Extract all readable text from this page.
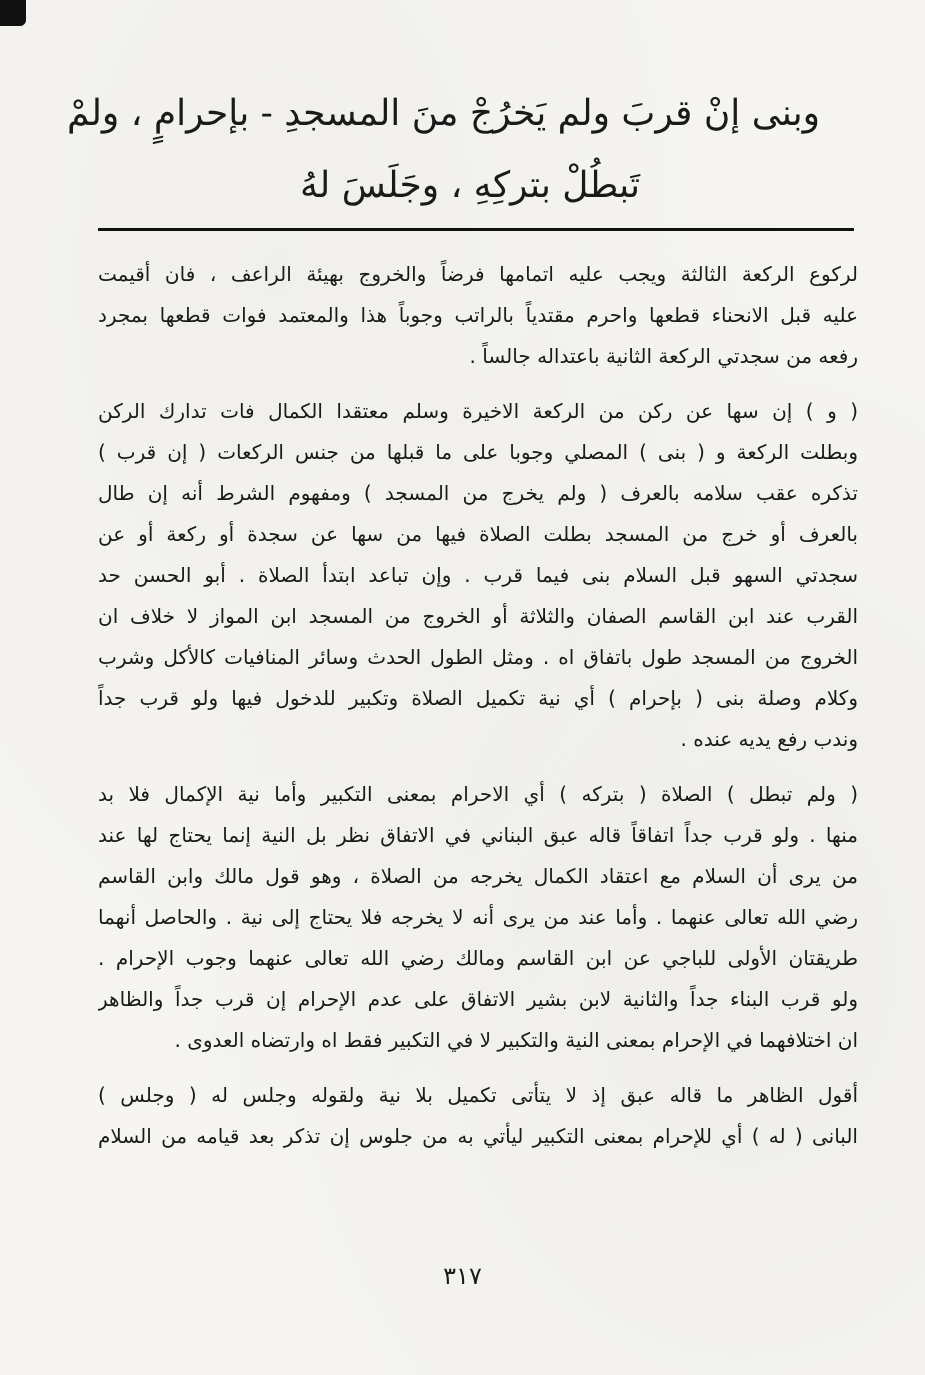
وبنى إنْ قربَ ولم يَخرُجْ منَ المسجدِ - بإحرامٍ ، ولمْ
تَبطُلْ بتركِهِ ، وجَلَسَ لهُ
لركوع الركعة الثالثة ويجب عليه اتمامها فرضاً والخروج بهيئة الراعف ، فان أقيمت
عليه قبل الانحناء قطعها واحرم مقتدياً بالراتب وجوباً هذا والمعتمد فوات قطعها بمجرد
رفعه من سجدتي الركعة الثانية باعتداله جالساً .
( و ) إن سها عن ركن من الركعة الاخيرة وسلم معتقدا الكمال فات تدارك الركن
وبطلت الركعة و ( بنى ) المصلي وجوبا على ما قبلها من جنس الركعات ( إن قرب )
تذكره عقب سلامه بالعرف ( ولم يخرج من المسجد ) ومفهوم الشرط أنه إن طال
بالعرف أو خرج من المسجد بطلت الصلاة فيها من سها عن سجدة أو ركعة أو عن
سجدتي السهو قبل السلام بنى فيما قرب . وإن تباعد ابتدأ الصلاة . أبو الحسن حد
القرب عند ابن القاسم الصفان والثلاثة أو الخروج من المسجد ابن المواز لا خلاف ان
الخروج من المسجد طول باتفاق اه . ومثل الطول الحدث وسائر المنافيات كالأكل وشرب
وكلام وصلة بنى ( بإحرام ) أي نية تكميل الصلاة وتكبير للدخول فيها ولو قرب جداً
وندب رفع يديه عنده .
( ولم تبطل ) الصلاة ( بتركه ) أي الاحرام بمعنى التكبير وأما نية الإكمال فلا بد
منها . ولو قرب جداً اتفاقاً قاله عبق البناني في الاتفاق نظر بل النية إنما يحتاج لها عند
من يرى أن السلام مع اعتقاد الكمال يخرجه من الصلاة ، وهو قول مالك وابن القاسم
رضي الله تعالى عنهما . وأما عند من يرى أنه لا يخرجه فلا يحتاج إلى نية . والحاصل أنهما
طريقتان الأولى للباجي عن ابن القاسم ومالك رضي الله تعالى عنهما وجوب الإحرام .
ولو قرب البناء جداً والثانية لابن بشير الاتفاق على عدم الإحرام إن قرب جداً والظاهر
ان اختلافهما في الإحرام بمعنى النية والتكبير لا في التكبير فقط اه وارتضاه العدوى .
أقول الظاهر ما قاله عبق إذ لا يتأتى تكميل بلا نية ولقوله وجلس له ( وجلس )
البانى ( له ) أي للإحرام بمعنى التكبير ليأتي به من جلوس إن تذكر بعد قيامه من السلام
٣١٧
